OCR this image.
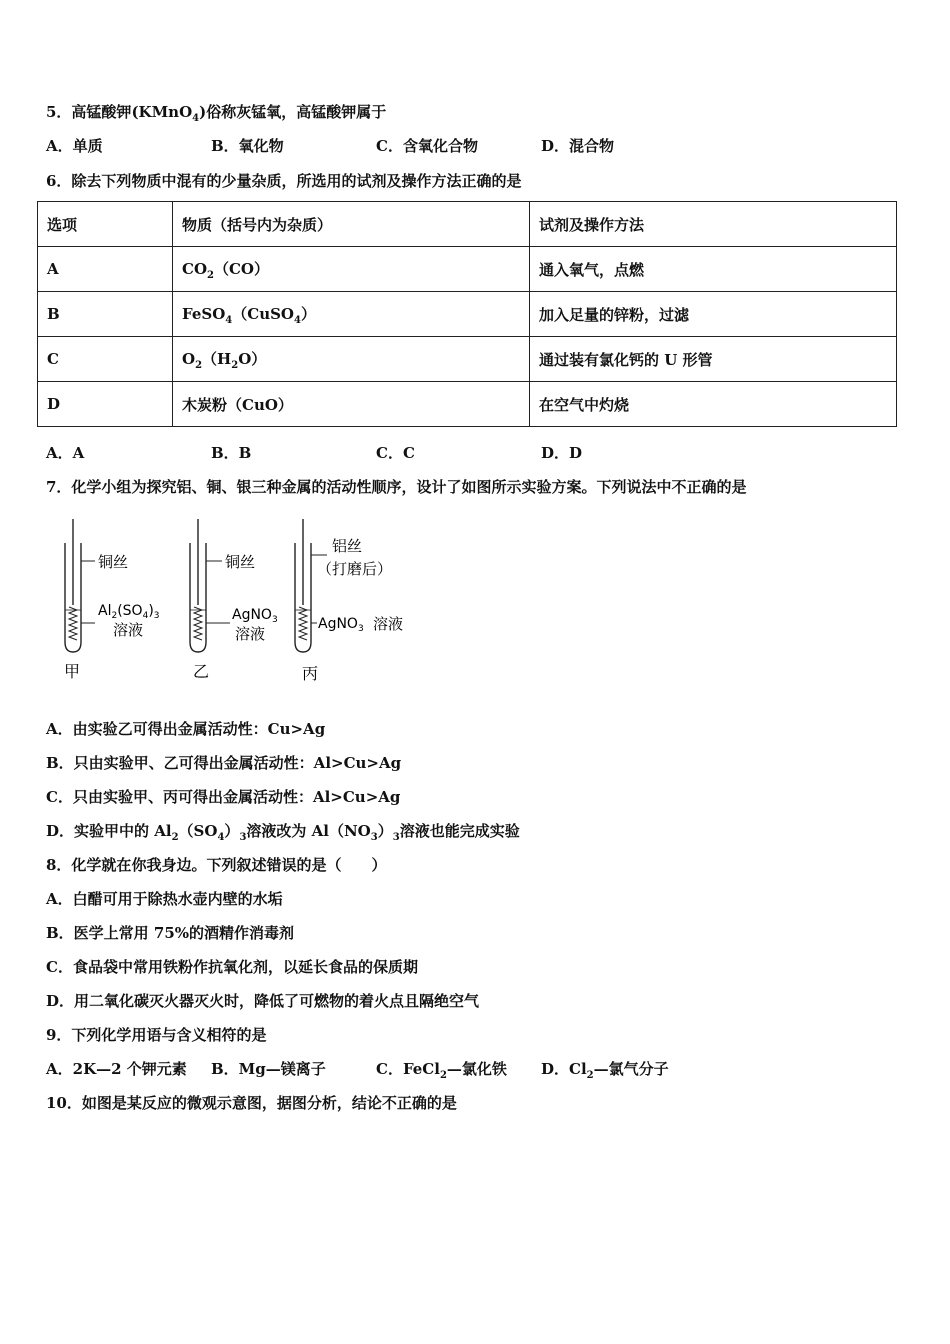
5．高锰酸钾(KMnO$_4$)俗称灰锰氧，高锰酸钾属于
A．单质	B．氧化物	C．含氧化合物	D．混合物
6．除去下列物质中混有的少量杂质，所选用的试剂及操作方法正确的是
选项	物质（括号内为杂质）	试剂及操作方法
A	$CO_2(CO)$	通入氧气，点燃
B	FeSO$_4$（CuSO$_4$）	加入足量的锌粉，过滤
C	$O_2(H_2O)$	通过装有氯化钙的 U 形管
D	木炭粉（CuO）	在空气中灼烧
A．A	B．B	C．C	D．D
7．化学小组为探究铝、铜、银三种金属的活动性顺序，设计了如图所示实验方案。下列说法中不正确的是
铜丝
$Al_2(SO_4)_3$
溶液
甲
铜丝
AgNO$_3$
溶液
乙
铝丝
（打磨后）
AgNO$_3$ 溶液
丙
A．由实验乙可得出金属活动性：Cu>Ag
B．只由实验甲、乙可得出金属活动性：Al>Cu>Ag
C．只由实验甲、丙可得出金属活动性：Al>Cu>Ag
D．实验甲中的 $Al_2(SO_4)_3$溶液改为 $Al(NO_3)_3$溶液也能完成实验
8．化学就在你我身边。下列叙述错误的是（　　）
A．白醋可用于除热水壶内壁的水垢
B．医学上常用 75%的酒精作消毒剂
C．食品袋中常用铁粉作抗氧化剂，以延长食品的保质期
D．用二氧化碳灭火器灭火时，降低了可燃物的着火点且隔绝空气
9．下列化学用语与含义相符的是
A．2K—2 个钾元素 B．Mg—镁离子	C．FeCl$_2$—氯化铁 D．$Cl_2—$氯气分子
10．如图是某反应的微观示意图，据图分析，结论不正确的是
